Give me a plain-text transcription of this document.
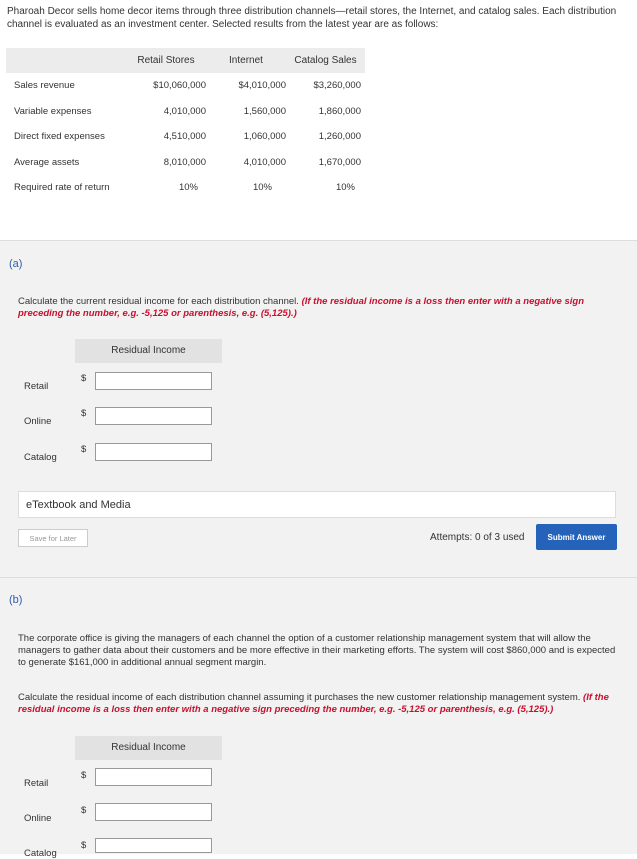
Pharoah Decor sells home decor items through three distribution channels—retail stores, the Internet, and catalog sales. Each distribution channel is evaluated as an investment center. Selected results from the latest year are as follows:
	Retail Stores	Internet	Catalog Sales
Sales revenue	$10,060,000	$4,010,000	$3,260,000
Variable expenses	4,010,000	1,560,000	1,860,000
Direct fixed expenses	4,510,000	1,060,000	1,260,000
Average assets	8,010,000	4,010,000	1,670,000
Required rate of return	10%	10%	10%
(a)
Calculate the current residual income for each distribution channel. (If the residual income is a loss then enter with a negative sign preceding the number, e.g. -5,125 or parenthesis, e.g. (5,125).)
Residual Income
Retail
$
Online
$
Catalog
$
eTextbook and Media
Save for Later	Attempts: 0 of 3 used	Submit Answer
(b)
The corporate office is giving the managers of each channel the option of a customer relationship management system that will allow the managers to gather data about their customers and be more effective in their marketing efforts. The system will cost $860,000 and is expected to generate $161,000 in additional annual segment margin.
Calculate the residual income of each distribution channel assuming it purchases the new customer relationship management system. (If the residual income is a loss then enter with a negative sign preceding the number, e.g. -5,125 or parenthesis, e.g. (5,125).)
Residual Income
Retail
$
Online
$
Catalog
$
